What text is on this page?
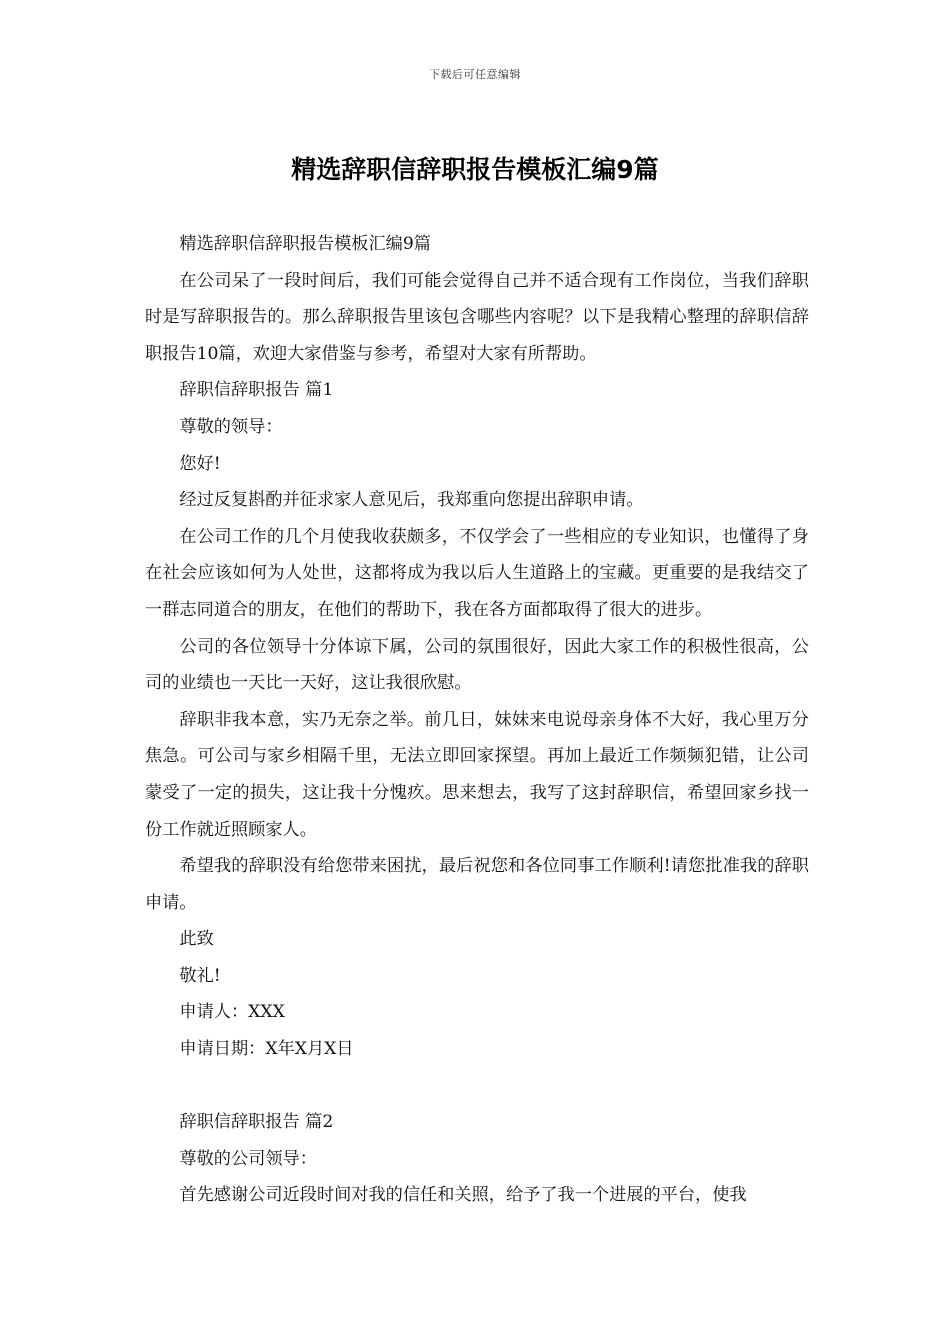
下载后可任意编辑
精选辞职信辞职报告模板汇编9篇

精选辞职信辞职报告模板汇编9篇

在公司呆了一段时间后，我们可能会觉得自己并不适合现有工作岗位，当我们辞职时是写辞职报告的。那么辞职报告里该包含哪些内容呢？以下是我精心整理的辞职信辞职报告10篇，欢迎大家借鉴与参考，希望对大家有所帮助。

辞职信辞职报告 篇1

尊敬的领导：

您好!

经过反复斟酌并征求家人意见后，我郑重向您提出辞职申请。

在公司工作的几个月使我收获颇多，不仅学会了一些相应的专业知识，也懂得了身在社会应该如何为人处世，这都将成为我以后人生道路上的宝藏。更重要的是我结交了一群志同道合的朋友，在他们的帮助下，我在各方面都取得了很大的进步。

公司的各位领导十分体谅下属，公司的氛围很好，因此大家工作的积极性很高，公司的业绩也一天比一天好，这让我很欣慰。

辞职非我本意，实乃无奈之举。前几日，妹妹来电说母亲身体不大好，我心里万分焦急。可公司与家乡相隔千里，无法立即回家探望。再加上最近工作频频犯错，让公司蒙受了一定的损失，这让我十分愧疚。思来想去，我写了这封辞职信，希望回家乡找一份工作就近照顾家人。

希望我的辞职没有给您带来困扰，最后祝您和各位同事工作顺利!请您批准我的辞职申请。

此致

敬礼!

申请人：XXX

申请日期：X年X月X日

辞职信辞职报告 篇2

尊敬的公司领导：

首先感谢公司近段时间对我的信任和关照，给予了我一个进展的平台，使我
